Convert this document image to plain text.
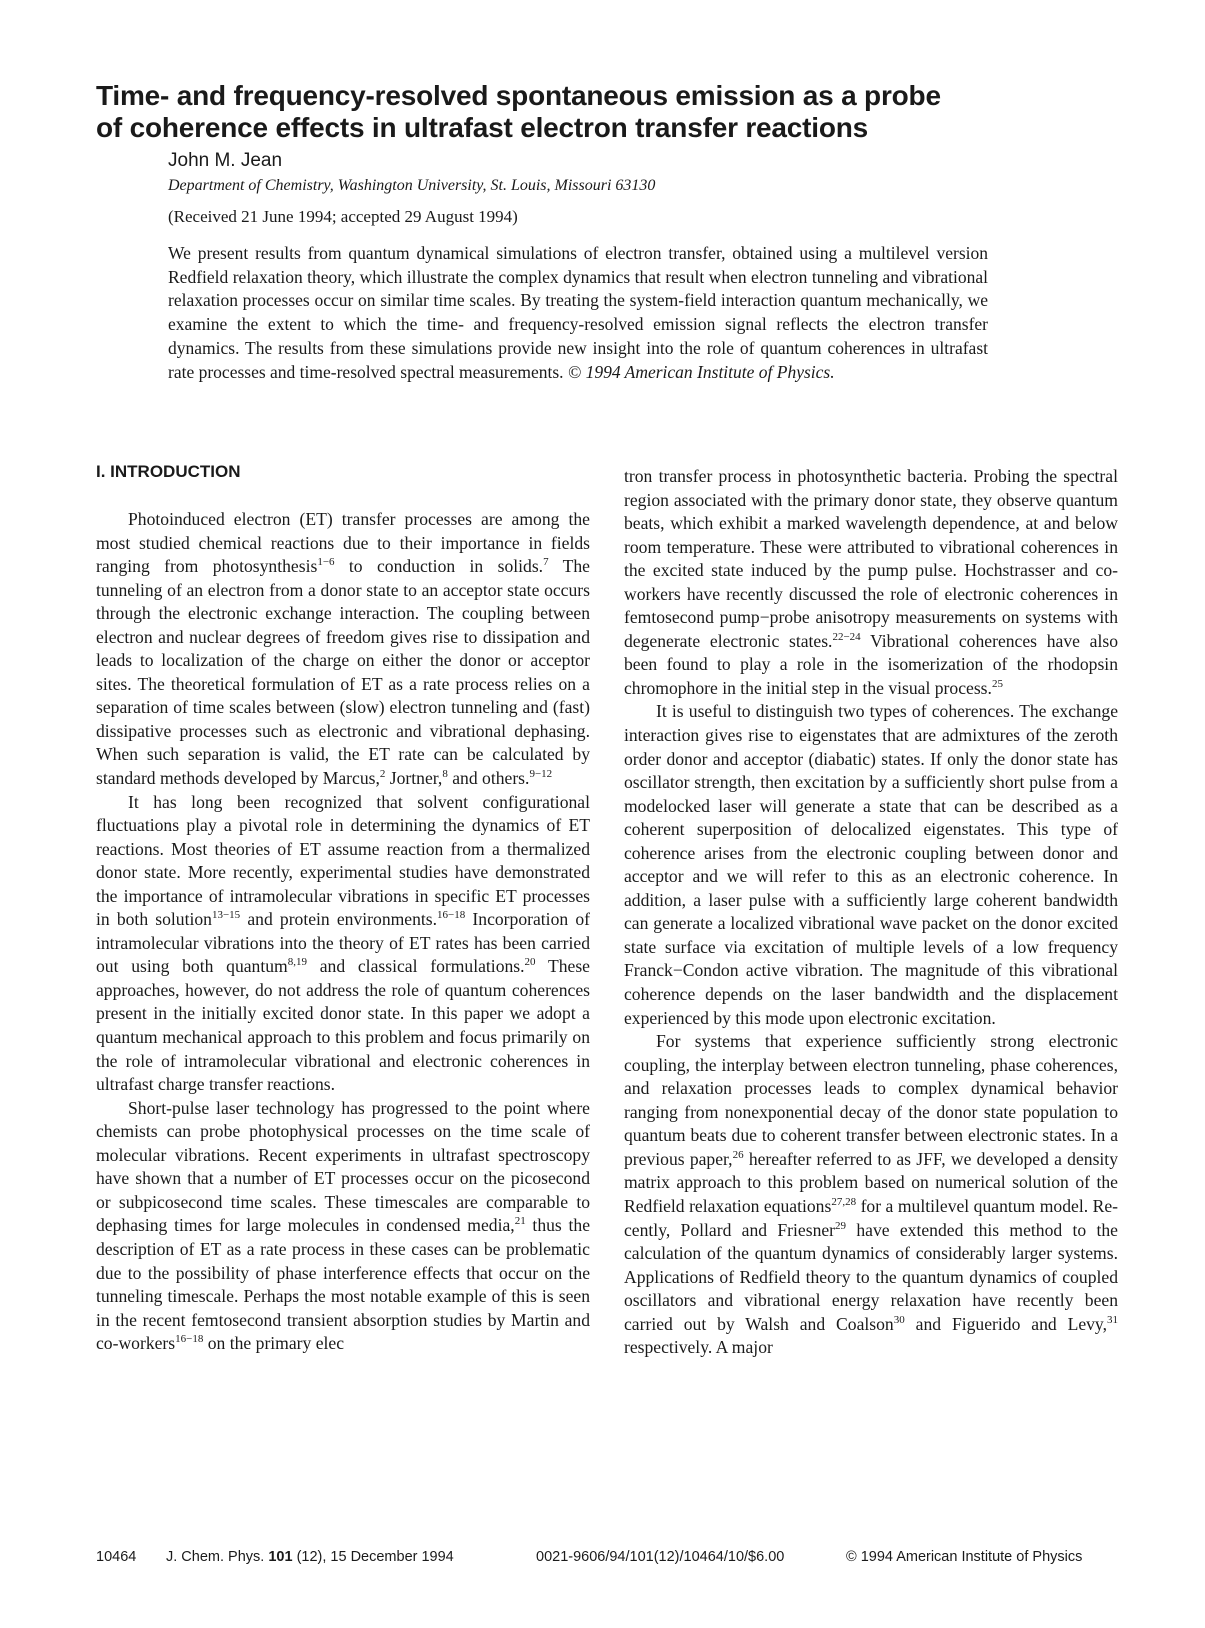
Time- and frequency-resolved spontaneous emission as a probe
of coherence effects in ultrafast electron transfer reactions
John M. Jean
Department of Chemistry, Washington University, St. Louis, Missouri 63130
(Received 21 June 1994; accepted 29 August 1994)
We present results from quantum dynamical simulations of electron transfer, obtained using a multilevel version Redfield relaxation theory, which illustrate the complex dynamics that result when electron tunneling and vibrational relaxation processes occur on similar time scales. By treating the system-field interaction quantum mechanically, we examine the extent to which the time- and frequency-resolved emission signal reflects the electron transfer dynamics. The results from these simulations provide new insight into the role of quantum coherences in ultrafast rate processes and time-resolved spectral measurements. © 1994 American Institute of Physics.
I. INTRODUCTION

Photoinduced electron (ET) transfer processes are among the most studied chemical reactions due to their importance in fields ranging from photosynthesis$^{1-6}$ to conduction in solids.$^7$ The tunneling of an electron from a donor state to an acceptor state occurs through the electronic exchange interaction. The coupling between electron and nuclear degrees of freedom gives rise to dissipation and leads to localization of the charge on either the donor or acceptor sites. The theoretical formulation of ET as a rate process relies on a separation of time scales between (slow) electron tunneling and (fast) dissipative processes such as electronic and vibrational dephasing. When such separation is valid, the ET rate can be calculated by standard methods developed by Marcus,$^2$ Jortner,$^8$ and others.$^{9-12}$

It has long been recognized that solvent configurational fluctuations play a pivotal role in determining the dynamics of ET reactions. Most theories of ET assume reaction from a thermalized donor state. More recently, experimental studies have demonstrated the importance of intramolecular vibrations in specific ET processes in both solution$^{13-15}$ and protein environments.$^{16-18}$ Incorporation of intramolecular vibrations into the theory of ET rates has been carried out using both quantum$^{8,19}$ and classical formulations.$^{20}$ These approaches, however, do not address the role of quantum coherences present in the initially excited donor state. In this paper we adopt a quantum mechanical approach to this problem and focus primarily on the role of intramolecular vibrational and electronic coherences in ultrafast charge transfer reactions.

Short-pulse laser technology has progressed to the point where chemists can probe photophysical processes on the time scale of molecular vibrations. Recent experiments in ultrafast spectroscopy have shown that a number of ET processes occur on the picosecond or subpicosecond time scales. These timescales are comparable to dephasing times for large molecules in condensed media,$^{21}$ thus the description of ET as a rate process in these cases can be problematic due to the possibility of phase interference effects that occur on the tunneling timescale. Perhaps the most notable example of this is seen in the recent femtosecond transient absorption studies by Martin and co-workers$^{16-18}$ on the primary elec

tron transfer process in photosynthetic bacteria. Probing the spectral region associated with the primary donor state, they observe quantum beats, which exhibit a marked wavelength dependence, at and below room temperature. These were attributed to vibrational coherences in the excited state induced by the pump pulse. Hochstrasser and co-workers have recently discussed the role of electronic coherences in femtosecond pump−probe anisotropy measurements on systems with degenerate electronic states.$^{22-24}$ Vibrational coherences have also been found to play a role in the isomerization of the rhodopsin chromophore in the initial step in the visual process.$^{25}$

It is useful to distinguish two types of coherences. The exchange interaction gives rise to eigenstates that are admixtures of the zeroth order donor and acceptor (diabatic) states. If only the donor state has oscillator strength, then excitation by a sufficiently short pulse from a modelocked laser will generate a state that can be described as a coherent superposition of delocalized eigenstates. This type of coherence arises from the electronic coupling between donor and acceptor and we will refer to this as an electronic coherence. In addition, a laser pulse with a sufficiently large coherent bandwidth can generate a localized vibrational wave packet on the donor excited state surface via excitation of multiple levels of a low frequency Franck−Condon active vibration. The magnitude of this vibrational coherence depends on the laser bandwidth and the displacement experienced by this mode upon electronic excitation.

For systems that experience sufficiently strong electronic coupling, the interplay between electron tunneling, phase coherences, and relaxation processes leads to complex dynamical behavior ranging from nonexponential decay of the donor state population to quantum beats due to coherent transfer between electronic states. In a previous paper,$^{26}$ hereafter referred to as JFF, we developed a density matrix approach to this problem based on numerical solution of the Redfield relaxation equations$^{27,28}$ for a multilevel quantum model. Recently, Pollard and Friesner$^{29}$ have extended this method to the calculation of the quantum dynamics of considerably larger systems. Applications of Redfield theory to the quantum dynamics of coupled oscillators and vibrational energy relaxation have recently been carried out by Walsh and Coalson$^{30}$ and Figuerido and Levy,$^{31}$ respectively. A major

10464 J. Chem. Phys. 101 (12), 15 December 1994	0021-9606/94/101(12)/10464/10/$6.00	© 1994 American Institute of Physics
